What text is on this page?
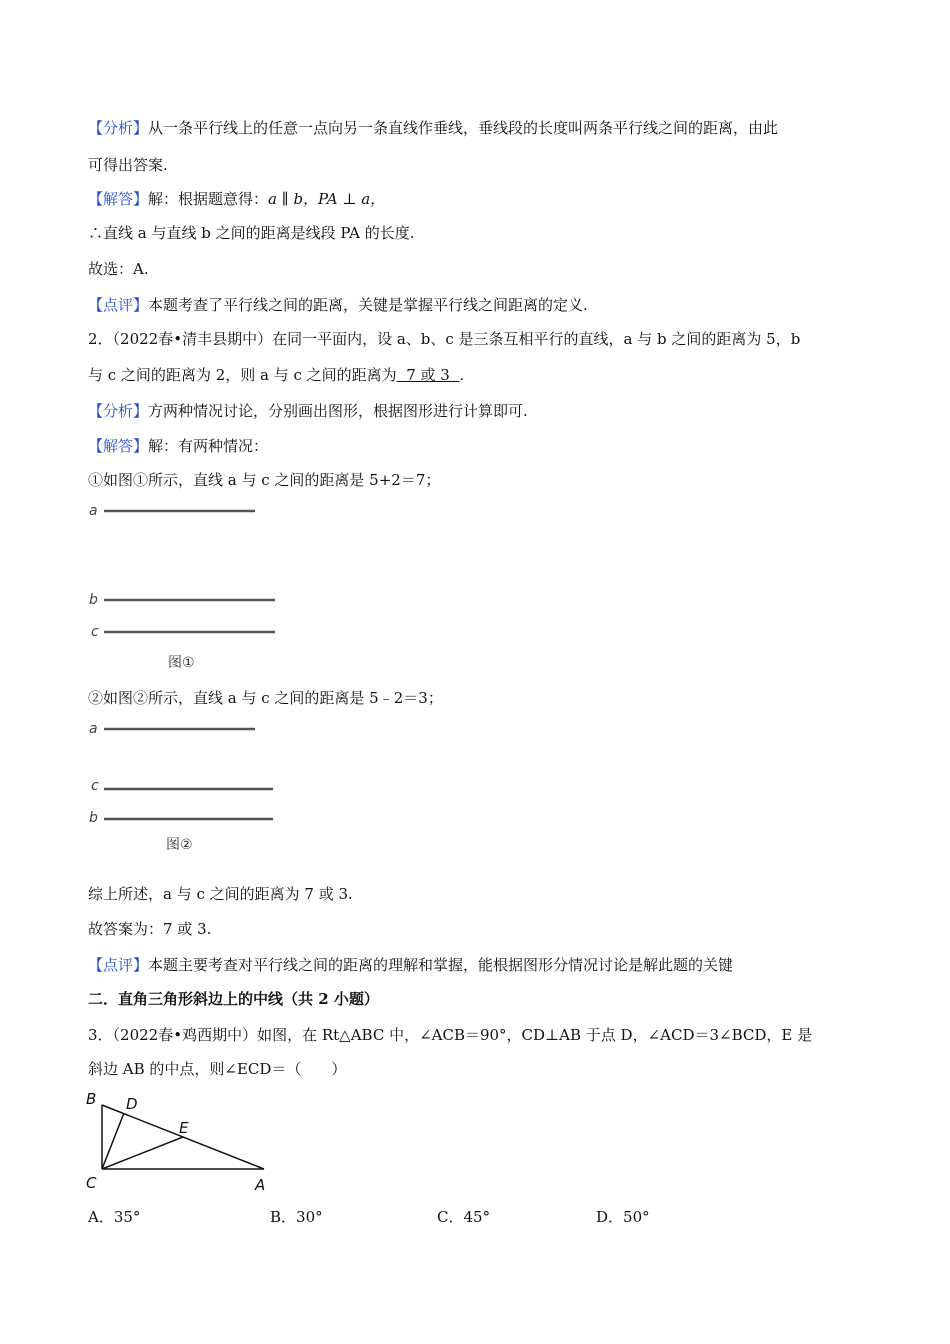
【分析】从一条平行线上的任意一点向另一条直线作垂线，垂线段的长度叫两条平行线之间的距离，由此
可得出答案.
【解答】解：根据题意得：a ∥ b，PA ⊥ a，
∴直线 a 与直线 b 之间的距离是线段 PA 的长度.
故选：A.
【点评】本题考查了平行线之间的距离，关键是掌握平行线之间距离的定义.
2．（2022春•清丰县期中）在同一平面内，设 a、b、c 是三条互相平行的直线，a 与 b 之间的距离为 5，b
与 c 之间的距离为 2，则 a 与 c 之间的距离为  7 或 3  .
【分析】方两种情况讨论，分别画出图形，根据图形进行计算即可.
【解答】解：有两种情况：
①如图①所示，直线 a 与 c 之间的距离是 5+2＝7；
a
b
c
图①
②如图②所示，直线 a 与 c 之间的距离是 5﹣2＝3；
a
c
b
图②
综上所述，a 与 c 之间的距离为 7 或 3.
故答案为：7 或 3.
【点评】本题主要考查对平行线之间的距离的理解和掌握，能根据图形分情况讨论是解此题的关键
二．直角三角形斜边上的中线（共 2 小题）
3．（2022春•鸡西期中）如图，在 Rt△ABC 中，∠ACB＝90°，CD⊥AB 于点 D，∠ACD＝3∠BCD，E 是
斜边 AB 的中点，则∠ECD＝（　　）
B D
E
C	A
A．35°	B．30°	C．45°	D．50°
